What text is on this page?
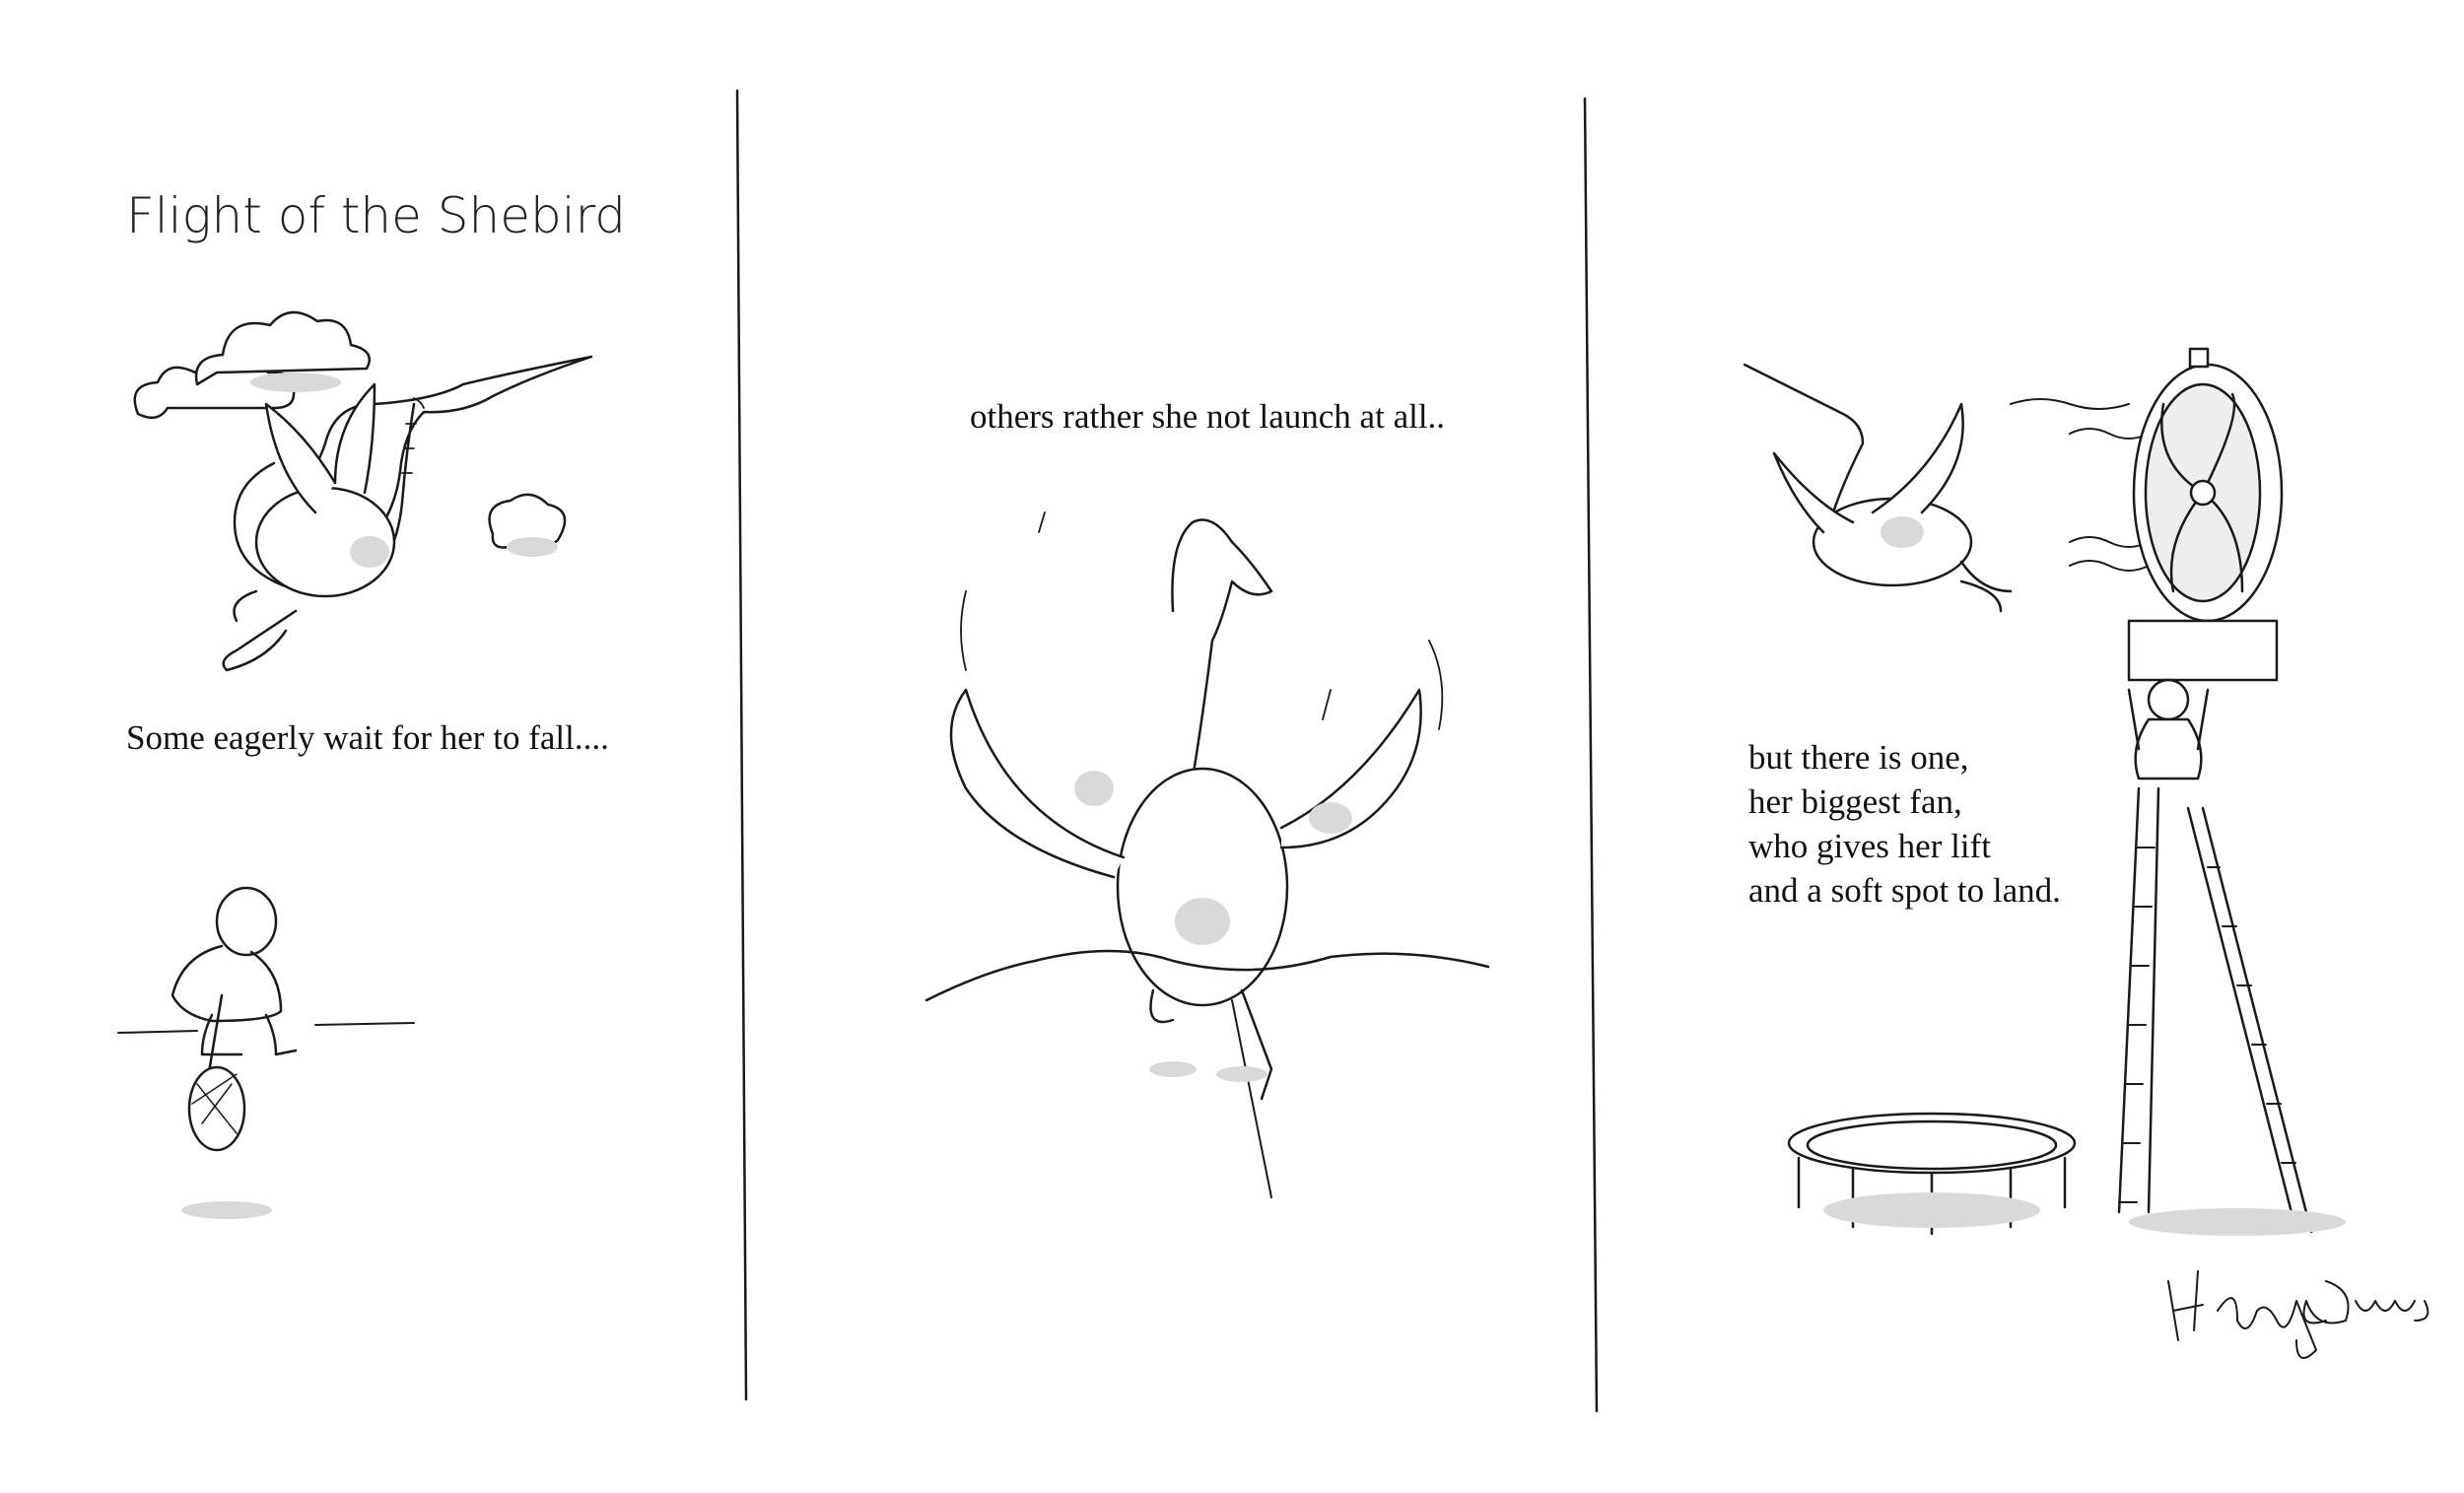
Flight of the Shebird
Some eagerly wait for her to fall....
others rather she not launch at all..
but there is one,
her biggest fan,
who gives her lift
and a soft spot to land.
